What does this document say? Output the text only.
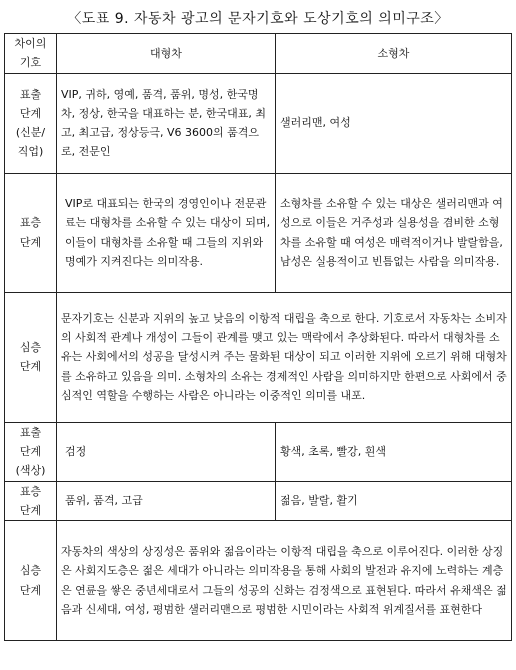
〈도표 9. 자동차 광고의 문자기호와 도상기호의 의미구조〉
차이의
기호	대형차	소형차
표출
단계
(신분/
직업)	VIP, 귀하, 영예, 품격, 품위, 명성, 한국명차, 정상, 한국을 대표하는 분, 한국대표, 최고, 최고급, 정상등극, V6 3600의 품격으로, 전문인	샐러리맨, 여성
표층
단계	VIP로 대표되는 한국의 경영인이나 전문관료는 대형차를 소유할 수 있는 대상이 되며, 이들이 대형차를 소유할 때 그들의 지위와 명예가 지켜진다는 의미작용.	소형차를 소유할 수 있는 대상은 샐러리맨과 여성으로 이들은 거주성과 실용성을 겸비한 소형차를 소유할 때 여성은 매력적이거나 발랄함을, 남성은 실용적이고 빈틈없는 사람을 의미작용.
심층
단계	문자기호는 신분과 지위의 높고 낮음의 이항적 대립을 축으로 한다. 기호로서 자동차는 소비자의 사회적 관계나 개성이 그들이 관계를 맺고 있는 맥락에서 추상화된다. 따라서 대형차를 소유는 사회에서의 성공을 달성시켜 주는 물화된 대상이 되고 이러한 지위에 오르기 위해 대형차를 소유하고 있음을 의미. 소형차의 소유는 경제적인 사람을 의미하지만 한편으로 사회에서 중심적인 역할을 수행하는 사람은 아니라는 이중적인 의미를 내포.	
표출
단계
(색상)	검정	황색, 초록, 빨강, 흰색
표층
단계	품위, 품격, 고급	젊음, 발랄, 활기
심층
단계	자동차의 색상의 상징성은 품위와 젊음이라는 이항적 대립을 축으로 이루어진다. 이러한 상징은 사회지도층은 젊은 세대가 아니라는 의미작용을 통해 사회의 발전과 유지에 노력하는 계층은 연륜을 쌓은 중년세대로서 그들의 성공의 신화는 검정색으로 표현된다. 따라서 유채색은 젊음과 신세대, 여성, 평범한 샐러리맨으로 평범한 시민이라는 사회적 위계질서를 표현한다	
